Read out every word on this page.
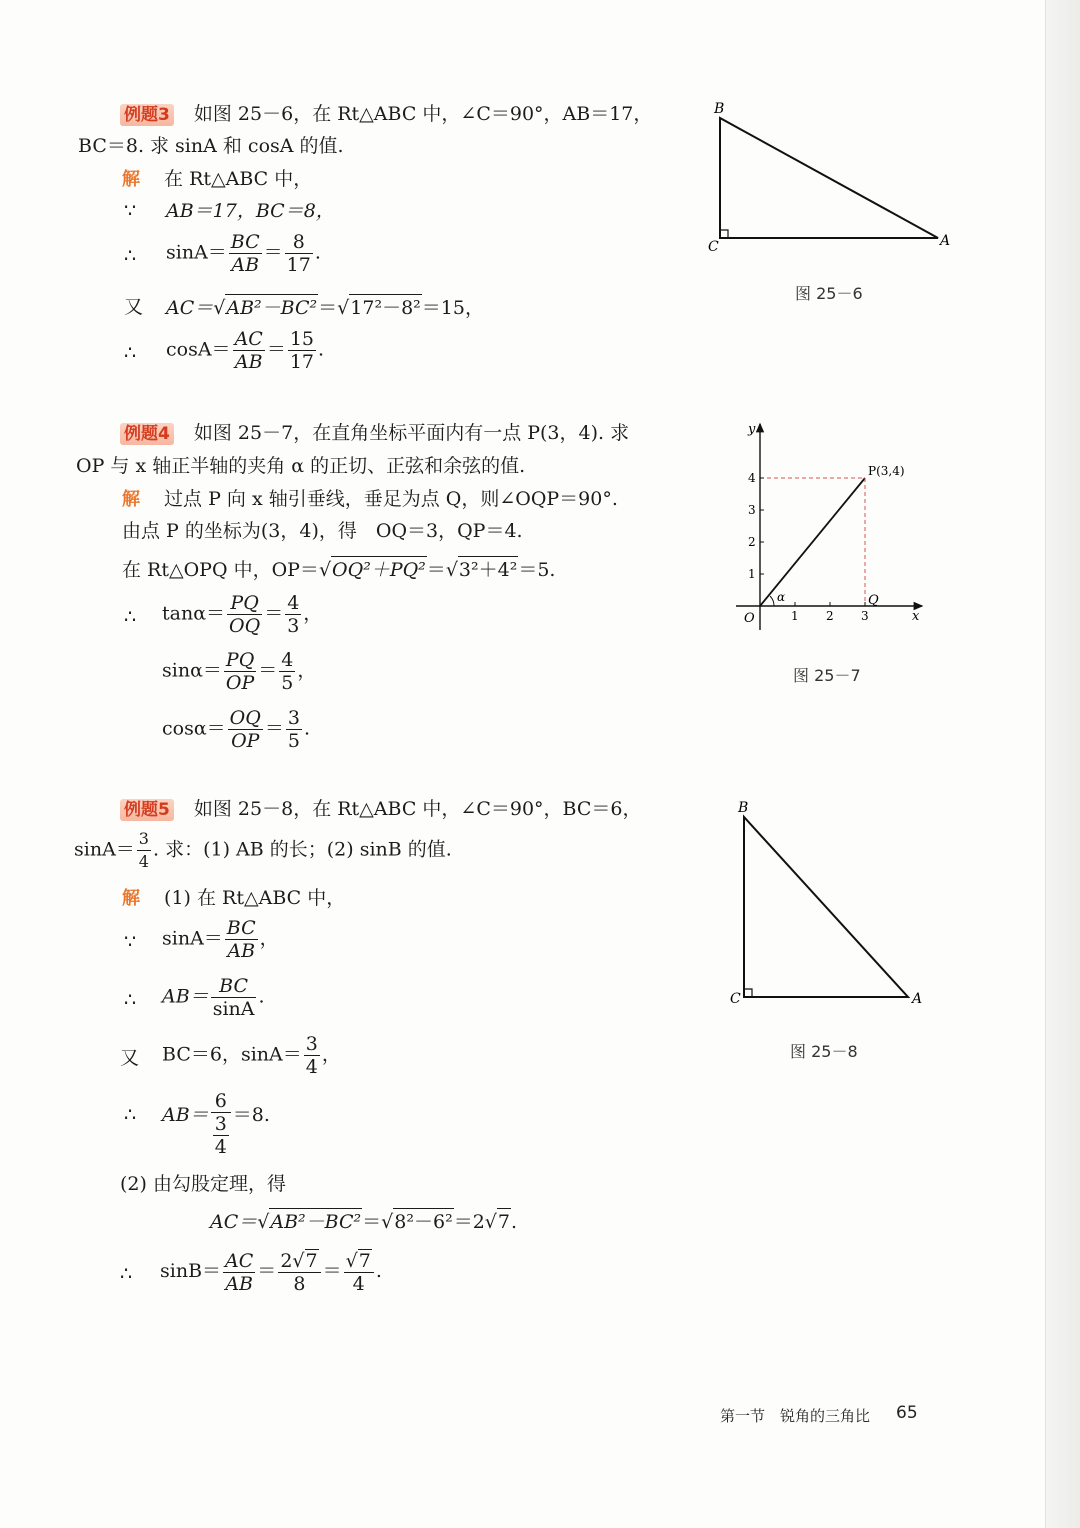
例题3 如图 25－6，在 Rt△ABC 中，∠C＝90°，AB＝17，
BC＝8. 求 sinA 和 cosA 的值.
解 在 Rt△ABC 中，
∵ AB＝17，BC＝8，
∴ $\sin A= \frac{BC}{AB} = \frac{8}{17}$ .
又 AC＝√AB²－BC²＝√17²－8²＝15，
∴ $\cos A= \frac{AC}{AB} = \frac{15}{17}$ .
B
C	A
图 25－6
例题4 如图 25－7，在直角坐标平面内有一点 P(3，4). 求
OP 与 x 轴正半轴的夹角 α 的正切、正弦和余弦的值.
解 过点 P 向 x 轴引垂线，垂足为点 Q，则∠OQP＝90°.
由点 P 的坐标为(3，4)，得　OQ＝3，QP＝4.
在 Rt△OPQ 中，OP＝√OQ²＋PQ²＝√3²＋4²＝5.
∴ $\tan\alpha= \frac{PQ}{OQ} = \frac{4}{3}$ ，
$\sin\alpha= \frac{PQ}{OP} = \frac{4}{5}$ ，
$\cos\alpha= \frac{OQ}{OP} = \frac{3}{5}$ .
y
x
O
P(3,4)
Q
α
1 2 3
1
2
3
4
图 25－7
例题5 如图 25－8，在 Rt△ABC 中，∠C＝90°，BC＝6，
$\sin A= \frac{3}{4}$ . 求：(1) AB 的长；(2) sinB 的值.
解 (1) 在 Rt△ABC 中，
∵ $\sin A= \frac{BC}{AB}$ ，
∴ $AB= \frac{BC}{\sin A}$ .
又 BC＝6，$\sin A= \frac{3}{4}$ ，
∴ AB＝ 6
3
4 ＝8.
(2) 由勾股定理，得
AC＝√AB²－BC²＝√8²－6²＝2√7.
∴ $\sin B= \frac{AC}{AB} = \frac{2√7}{8} = \frac{√7}{4}$ .
B
C	A
图 25－8
第一节　锐角的三角比 65
